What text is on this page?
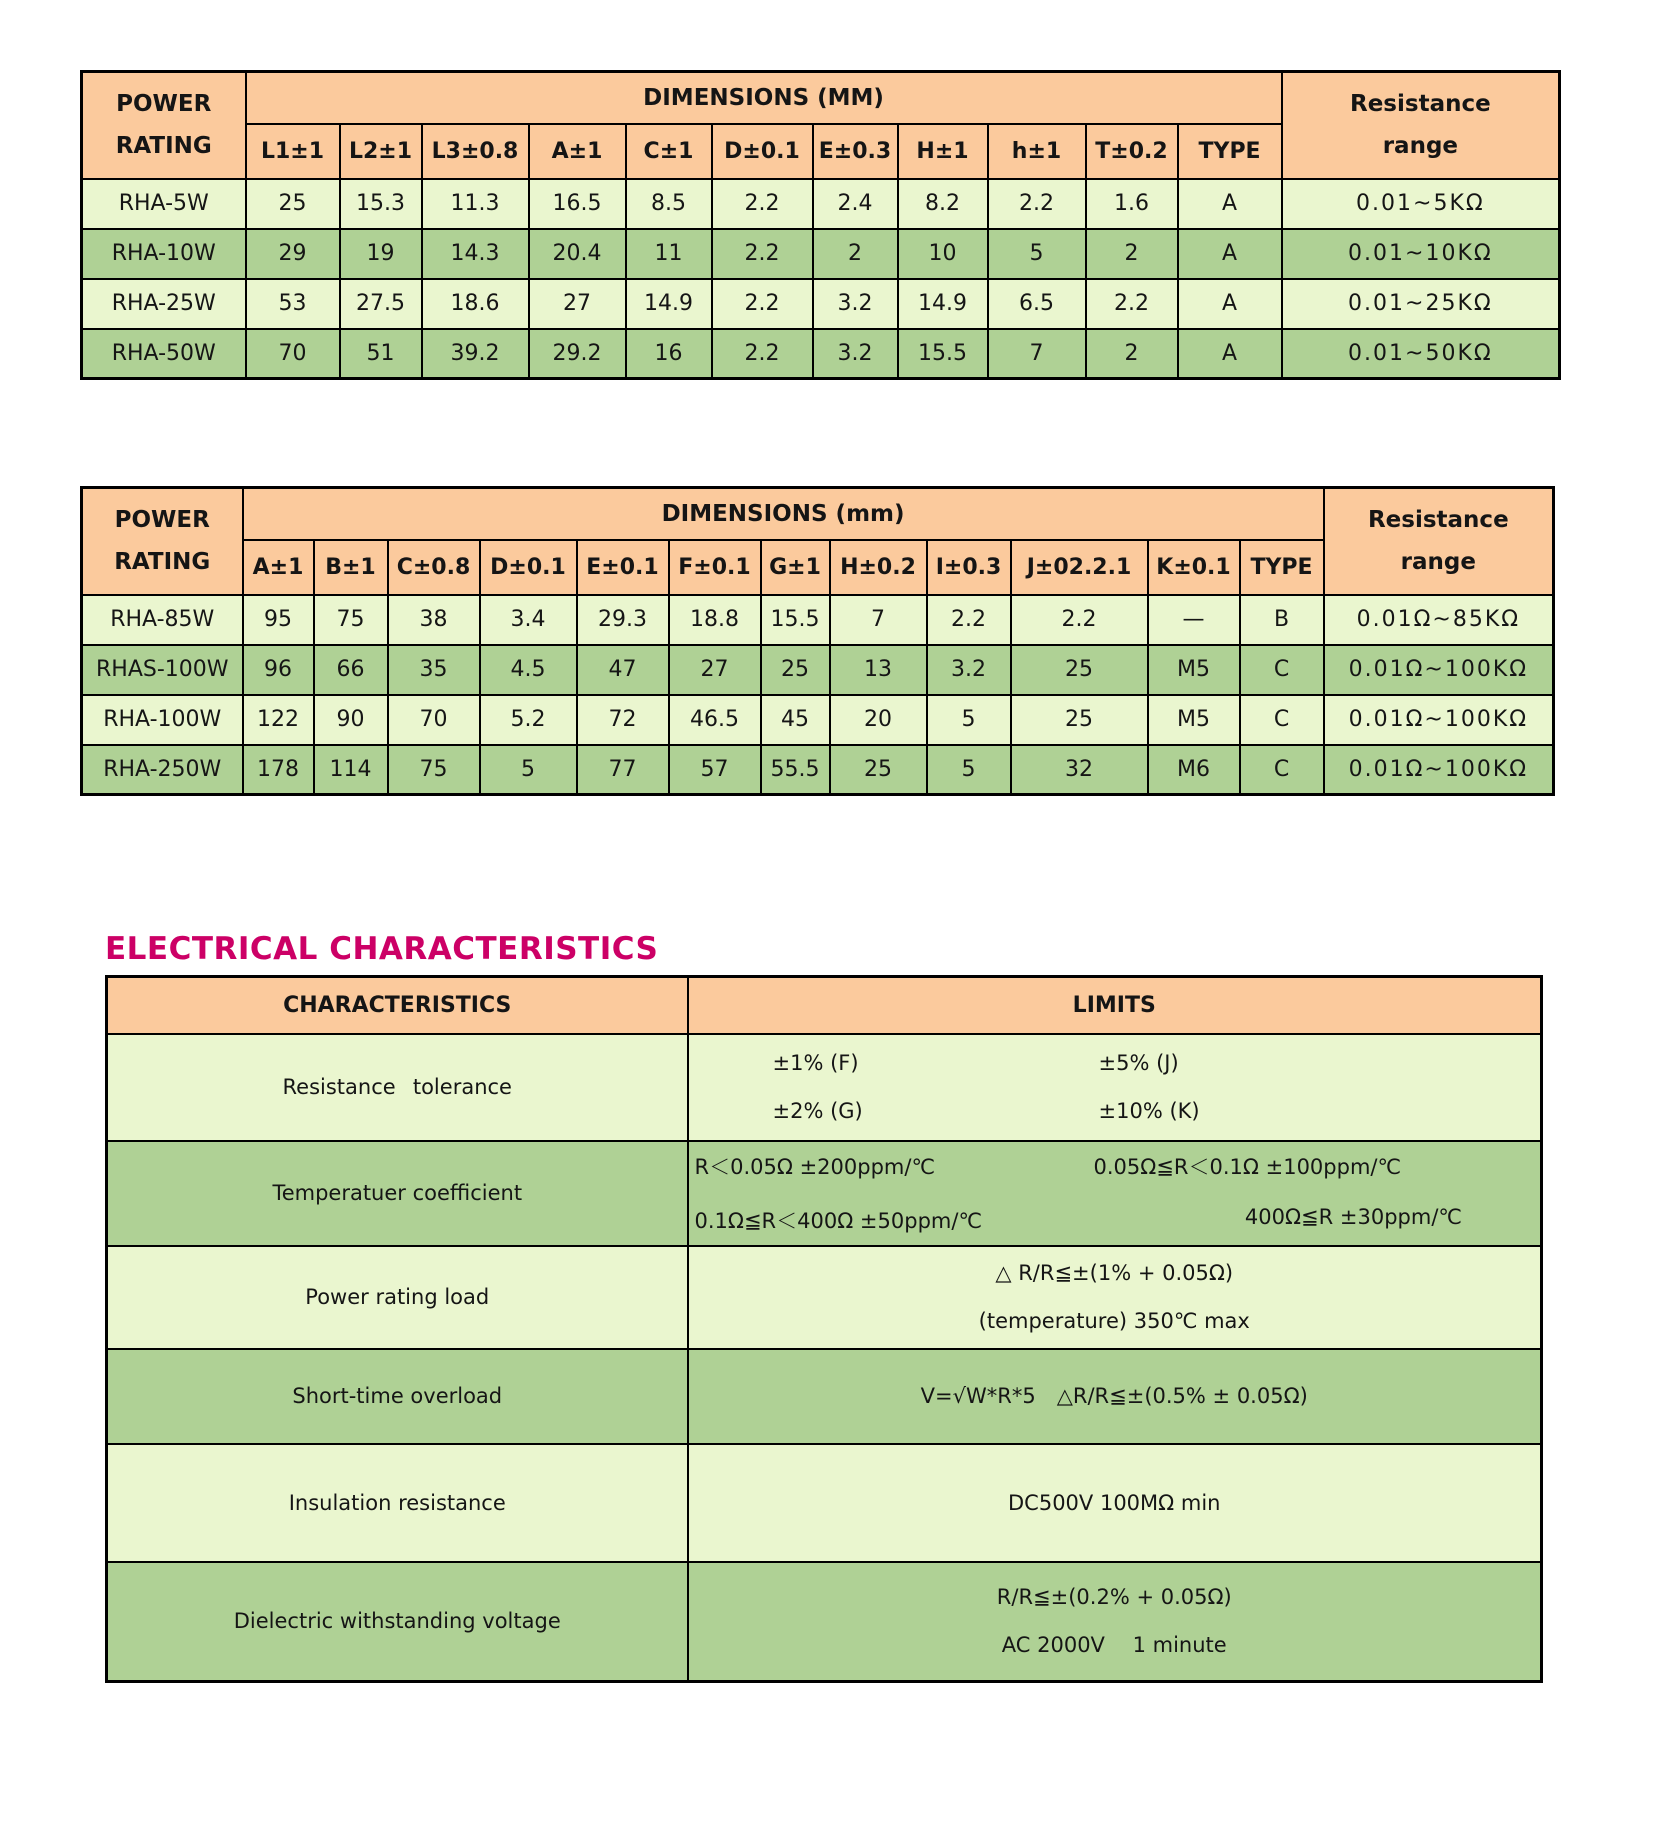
POWER
RATING
	DIMENSIONS (MM)	Resistance
range

	L1±1	L2±1	L3±0.8	A±1	C±1	D±0.1	E±0.3	H±1	h±1	T±0.2	TYPE	
RHA-5W	25	15.3	11.3	16.5	8.5	2.2	2.4	8.2	2.2	1.6	A	0.01~5KΩ
RHA-10W	29	19	14.3	20.4	11	2.2	2	10	5	2	A	0.01~10KΩ
RHA-25W	53	27.5	18.6	27	14.9	2.2	3.2	14.9	6.5	2.2	A	0.01~25KΩ
RHA-50W	70	51	39.2	29.2	16	2.2	3.2	15.5	7	2	A	0.01~50KΩ
POWER
RATING
	DIMENSIONS (mm)	Resistance
range

	A±1	B±1	C±0.8	D±0.1	E±0.1	F±0.1	G±1	H±0.2	I±0.3	J±02.2.1	K±0.1	TYPE	
RHA-85W	95	75	38	3.4	29.3	18.8	15.5	7	2.2	2.2	—	B	0.01Ω~85KΩ
RHAS-100W	96	66	35	4.5	47	27	25	13	3.2	25	M5	C	0.01Ω~100KΩ
RHA-100W	122	90	70	5.2	72	46.5	45	20	5	25	M5	C	0.01Ω~100KΩ
RHA-250W	178	114	75	5	77	57	55.5	25	5	32	M6	C	0.01Ω~100KΩ
ELECTRICAL CHARACTERISTICS
CHARACTERISTICS	LIMITS
Resistance  tolerance	±1% (F) ±5% (J)
±2% (G) ±10% (K)

Temperatuer coefficient	R＜0.05Ω ±200ppm/℃ 0.05Ω≦R＜0.1Ω ±100ppm/℃
0.1Ω≦R＜400Ω ±50ppm/℃ 400Ω≦R ±30ppm/℃

Power rating load	△ R/R≦±(1% + 0.05Ω)
(temperature) 350℃ max

Short-time overload	V=√W*R*5 △R/R≦±(0.5% ± 0.05Ω)

Insulation resistance	DC500V 100MΩ min

Dielectric withstanding voltage	R/R≦±(0.2% + 0.05Ω)
AC 2000V  1 minute
